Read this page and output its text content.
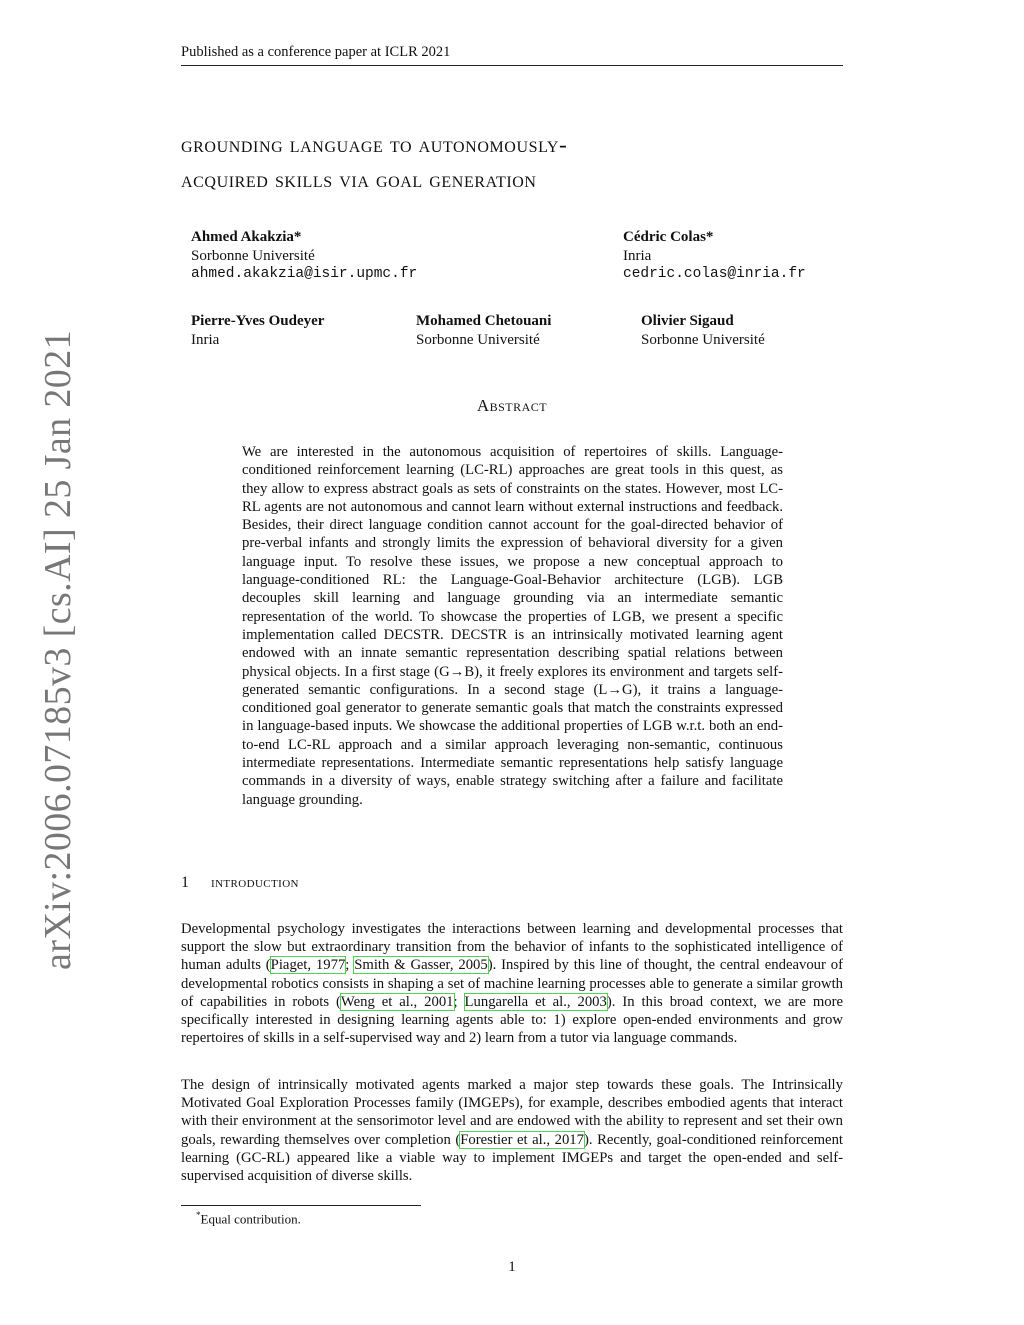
Published as a conference paper at ICLR 2021
arXiv:2006.07185v3 [cs.AI] 25 Jan 2021
grounding language to autonomously-
acquired skills via goal generation
Ahmed Akakzia*
Sorbonne Université
ahmed.akakzia@isir.upmc.fr
Cédric Colas*
Inria
cedric.colas@inria.fr
Pierre-Yves Oudeyer
Inria
Mohamed Chetouani
Sorbonne Université
Olivier Sigaud
Sorbonne Université
Abstract
We are interested in the autonomous acquisition of repertoires of skills. Language-conditioned reinforcement learning (LC-RL) approaches are great tools in this quest, as they allow to express abstract goals as sets of constraints on the states. However, most LC-RL agents are not autonomous and cannot learn without external instructions and feedback. Besides, their direct language condition cannot account for the goal-directed behavior of pre-verbal infants and strongly limits the expression of behavioral diversity for a given language input. To resolve these issues, we propose a new conceptual approach to language-conditioned RL: the Language-Goal-Behavior architecture (LGB). LGB decouples skill learning and language grounding via an intermediate semantic representation of the world. To showcase the properties of LGB, we present a specific implementation called DECSTR. DECSTR is an intrinsically motivated learning agent endowed with an innate semantic representation describing spatial relations between physical objects. In a first stage (G→B), it freely explores its environment and targets self-generated semantic configurations. In a second stage (L→G), it trains a language-conditioned goal generator to generate semantic goals that match the constraints expressed in language-based inputs. We showcase the additional properties of LGB w.r.t. both an end-to-end LC-RL approach and a similar approach leveraging non-semantic, continuous intermediate representations. Intermediate semantic representations help satisfy language commands in a diversity of ways, enable strategy switching after a failure and facilitate language grounding.
1 introduction
Developmental psychology investigates the interactions between learning and developmental processes that support the slow but extraordinary transition from the behavior of infants to the sophisticated intelligence of human adults (Piaget, 1977; Smith & Gasser, 2005). Inspired by this line of thought, the central endeavour of developmental robotics consists in shaping a set of machine learning processes able to generate a similar growth of capabilities in robots (Weng et al., 2001; Lungarella et al., 2003). In this broad context, we are more specifically interested in designing learning agents able to: 1) explore open-ended environments and grow repertoires of skills in a self-supervised way and 2) learn from a tutor via language commands.
The design of intrinsically motivated agents marked a major step towards these goals. The Intrinsically Motivated Goal Exploration Processes family (IMGEPs), for example, describes embodied agents that interact with their environment at the sensorimotor level and are endowed with the ability to represent and set their own goals, rewarding themselves over completion (Forestier et al., 2017). Recently, goal-conditioned reinforcement learning (GC-RL) appeared like a viable way to implement IMGEPs and target the open-ended and self-supervised acquisition of diverse skills.
*Equal contribution.
1
